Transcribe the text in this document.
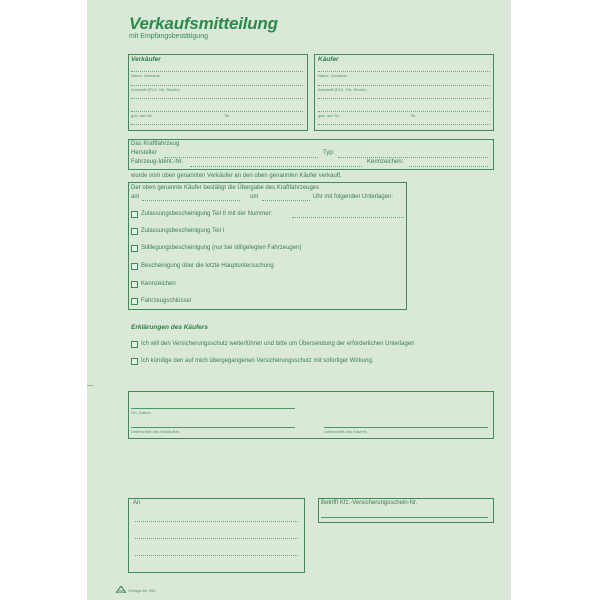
Verkaufsmitteilung
mit Empfangsbestätigung
Verkäufer
Name, Vorname
Anschrift (PLZ, Ort, Straße)
geb. am/ Nr.	Tel.
Käufer
Name, Vorname
Anschrift (PLZ, Ort, Straße)
geb. am/ Nr.	Tel.
Das Kraftfahrzeug
Hersteller	Typ:
Fahrzeug-Ident.-Nr.	Kennzeichen:
wurde vom oben genannten Verkäufer an den oben genannten Käufer verkauft.
Der oben genannte Käufer bestätigt die Übergabe des Kraftfahrzeuges
am	um	Uhr mit folgenden Unterlagen:
Zulassungsbescheinigung Teil II mit der Nummer:
Zulassungsbescheinigung Teil I
Stilllegungsbescheinigung (nur bei stillgelegten Fahrzeugen)
Bescheinigung über die letzte Hauptuntersuchung
Kennzeichen
Fahrzeugschlüssel
Erklärungen des Käufers
Ich will den Versicherungsschutz weiterführen und bitte um Übersendung der erforderlichen Unterlagen
Ich kündige den auf mich übergegangenen Versicherungsschutz mit sofortiger Wirkung.
Ort, Datum
Unterschrift des Verkäufers	Unterschrift des Käufers
An	Betrifft Kfz.-Versicherungsschein-Nr.
Verlags-Nr. 590
